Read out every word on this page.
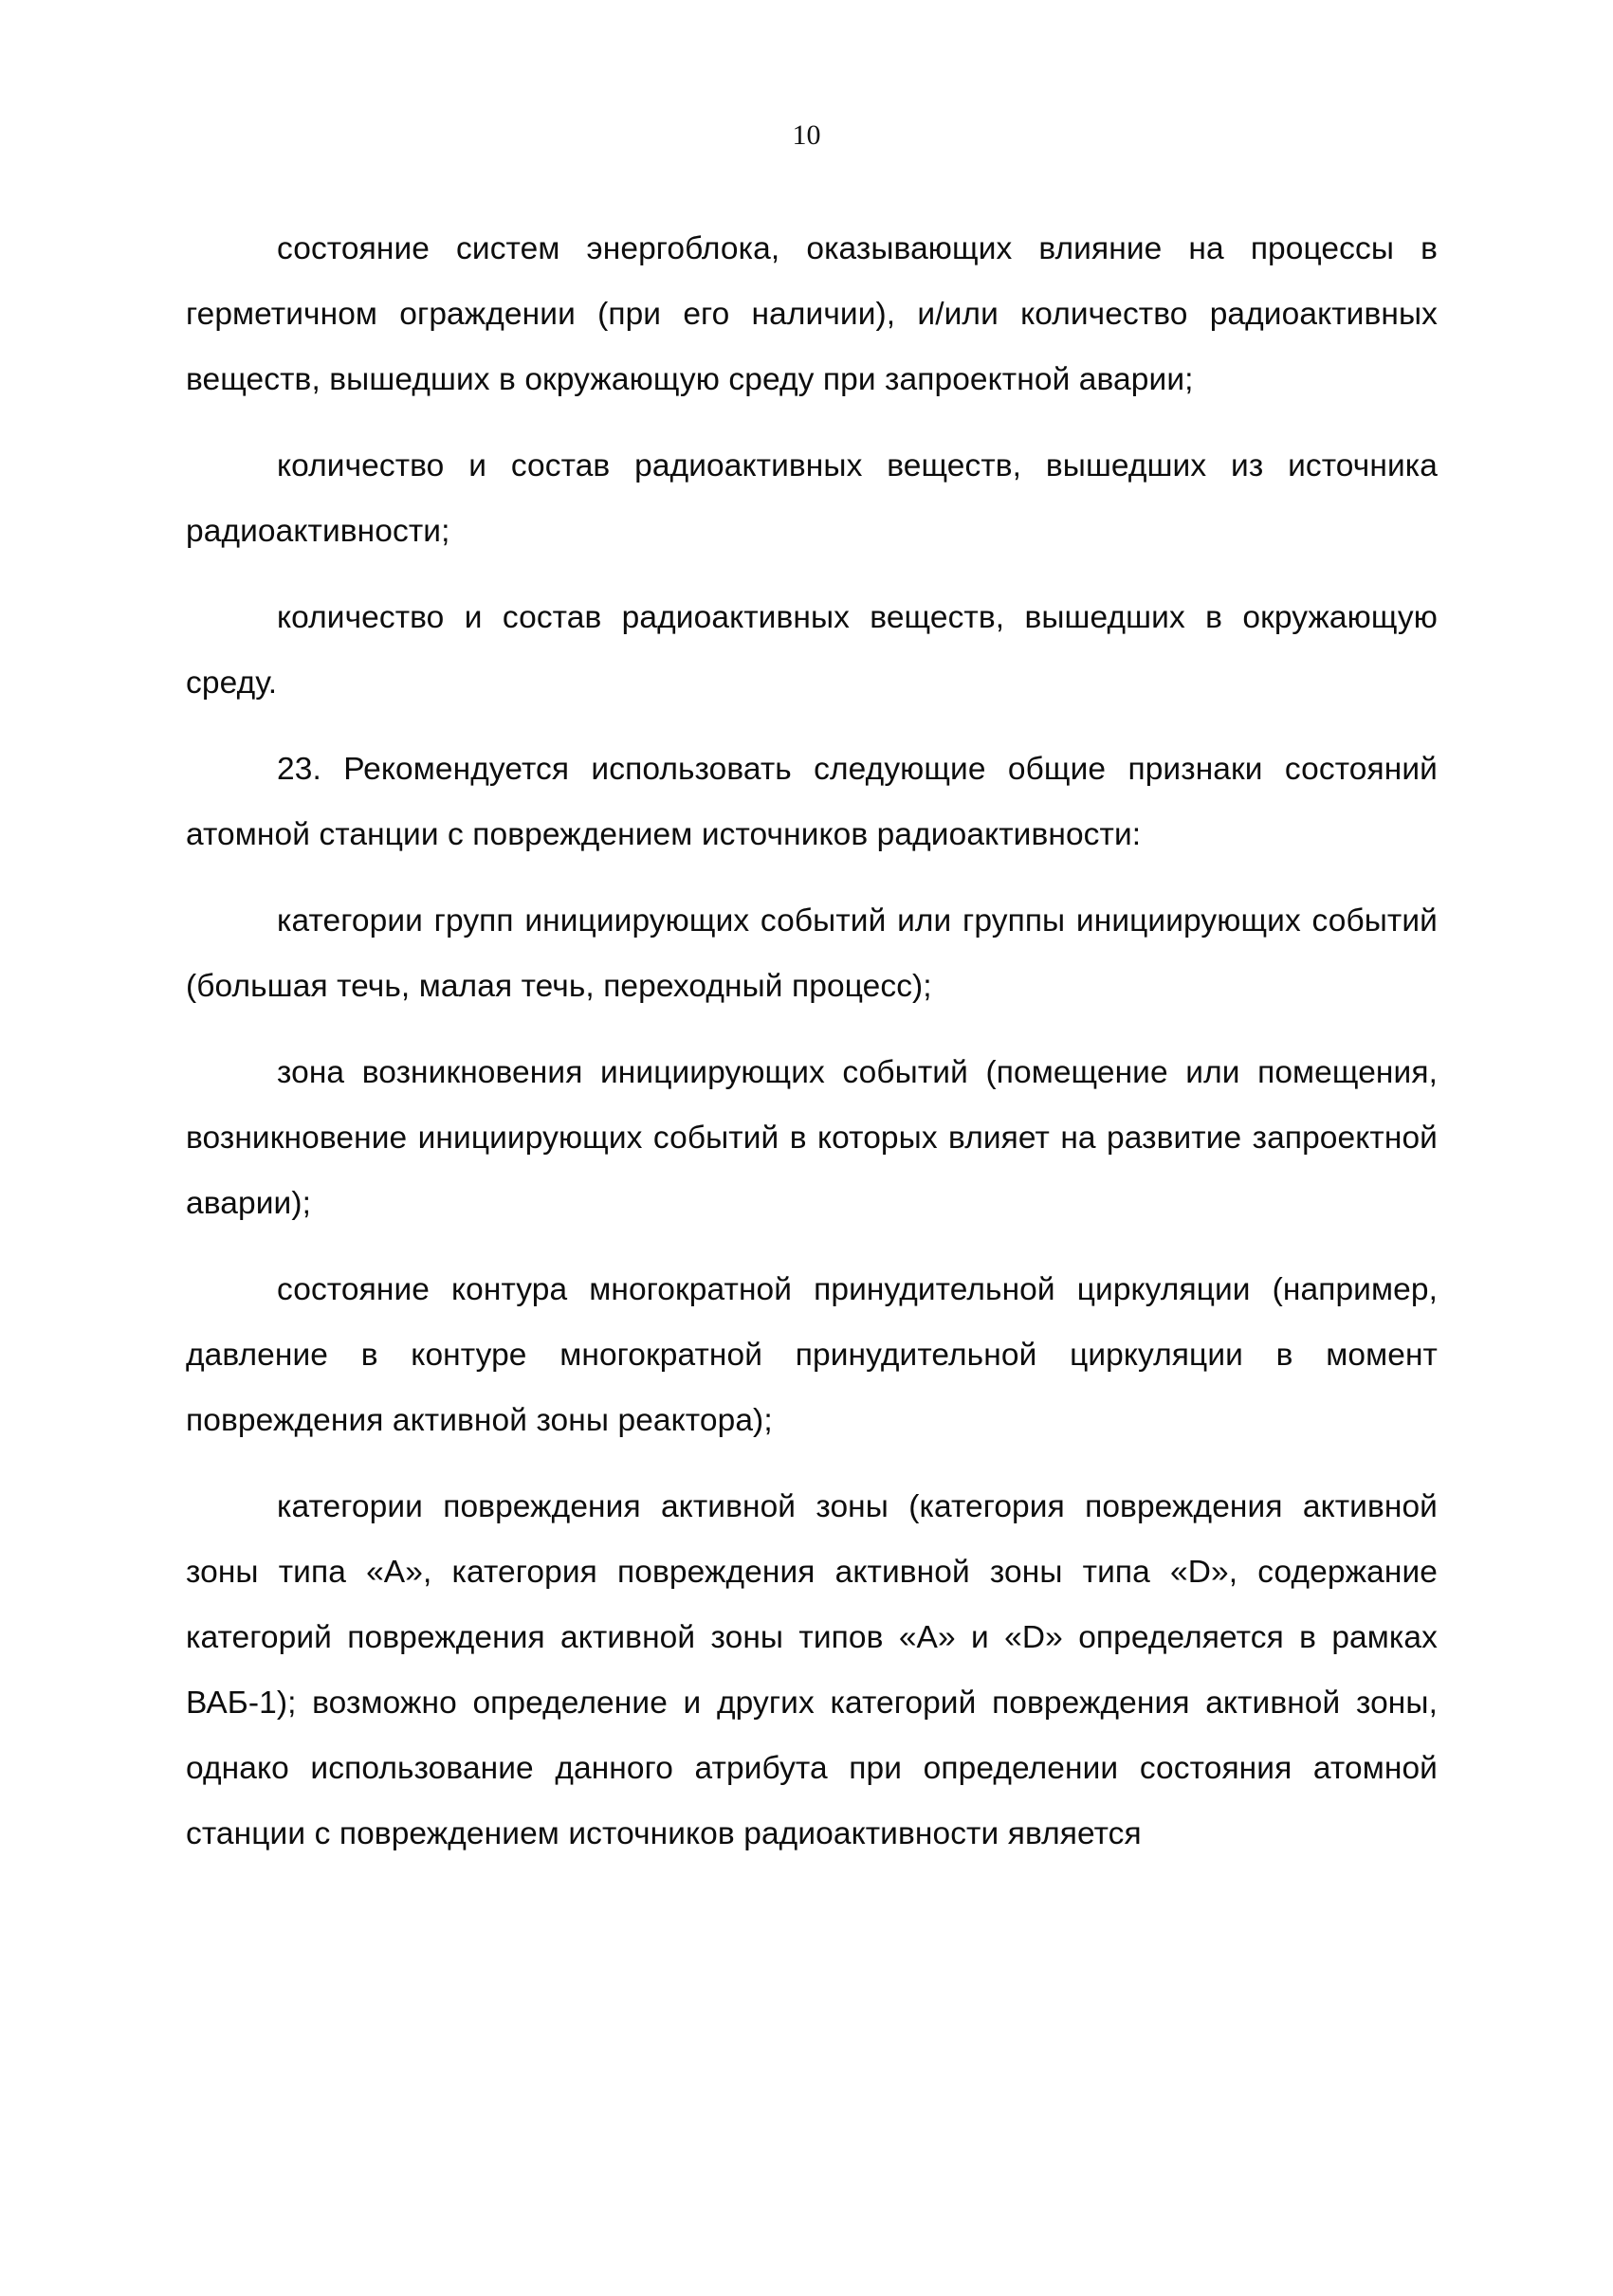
10

состояние систем энергоблока, оказывающих влияние на процессы в герметичном ограждении (при его наличии), и/или количество радиоактивных веществ, вышедших в окружающую среду при запроектной аварии;

количество и состав радиоактивных веществ, вышедших из источника радиоактивности;

количество и состав радиоактивных веществ, вышедших в окружающую среду.

23. Рекомендуется использовать следующие общие признаки состояний атомной станции с повреждением источников радиоактивности:

категории групп инициирующих событий или группы инициирующих событий (большая течь, малая течь, переходный процесс);

зона возникновения инициирующих событий (помещение или помещения, возникновение инициирующих событий в которых влияет на развитие запроектной аварии);

состояние контура многократной принудительной циркуляции (например, давление в контуре многократной принудительной циркуляции в момент повреждения активной зоны реактора);

категории повреждения активной зоны (категория повреждения активной зоны типа «А», категория повреждения активной зоны типа «D», содержание категорий повреждения активной зоны типов «А» и «D» определяется в рамках ВАБ-1); возможно определение и других категорий повреждения активной зоны, однако использование данного атрибута при определении состояния атомной станции с повреждением источников радиоактивности является
